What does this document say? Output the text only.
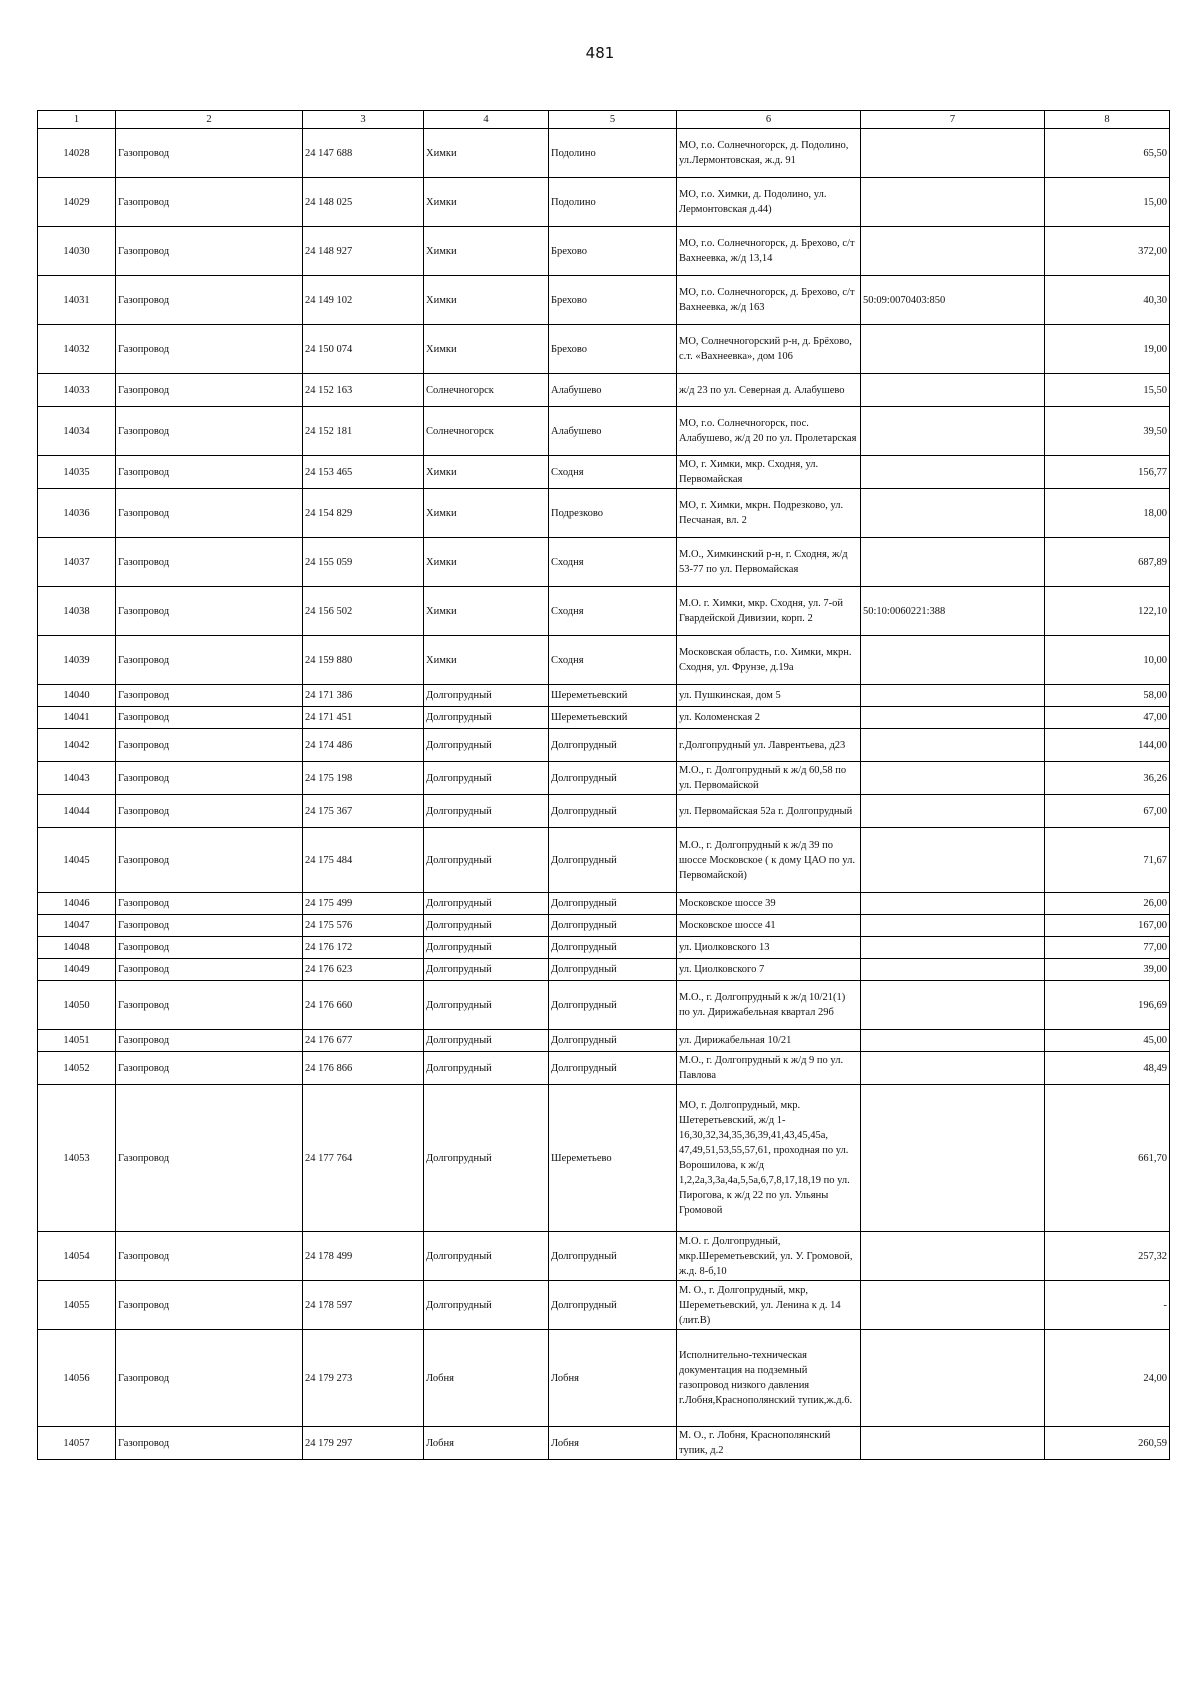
481
1	2	3	4	5	6	7	8
14028	Газопровод	24 147 688	Химки	Подолино	МО, г.о. Солнечногорск, д. Подолино, ул.Лермонтовская, ж.д. 91		65,50
14029	Газопровод	24 148 025	Химки	Подолино	МО, г.о. Химки, д. Подолино, ул. Лермонтовская д.44)		15,00
14030	Газопровод	24 148 927	Химки	Брехово	МО, г.о. Солнечногорск, д. Брехово, с/т Вахнеевка, ж/д 13,14		372,00
14031	Газопровод	24 149 102	Химки	Брехово	МО, г.о. Солнечногорск, д. Брехово, с/т Вахнеевка, ж/д 163	50:09:0070403:850	40,30
14032	Газопровод	24 150 074	Химки	Брехово	МО, Солнечногорский р-н, д. Брёхово, с.т. «Вахнеевка», дом 106		19,00
14033	Газопровод	24 152 163	Солнечногорск	Алабушево	ж/д 23 по ул. Северная д. Алабушево		15,50
14034	Газопровод	24 152 181	Солнечногорск	Алабушево	МО, г.о. Солнечногорск, пос. Алабушево, ж/д 20 по ул. Пролетарская		39,50
14035	Газопровод	24 153 465	Химки	Сходня	МО, г. Химки, мкр. Сходня, ул. Первомайская		156,77
14036	Газопровод	24 154 829	Химки	Подрезково	МО, г. Химки, мкрн. Подрезково, ул. Песчаная, вл. 2		18,00
14037	Газопровод	24 155 059	Химки	Сходня	М.О., Химкинский р-н, г. Сходня, ж/д 53-77 по ул. Первомайская		687,89
14038	Газопровод	24 156 502	Химки	Сходня	М.О. г. Химки, мкр. Сходня, ул. 7-ой Гвардейской Дивизии, корп. 2	50:10:0060221:388	122,10
14039	Газопровод	24 159 880	Химки	Сходня	Московская область, г.о. Химки, мкрн. Сходня, ул. Фрунзе, д.19а		10,00
14040	Газопровод	24 171 386	Долгопрудный	Шереметьевский	ул. Пушкинская, дом 5		58,00
14041	Газопровод	24 171 451	Долгопрудный	Шереметьевский	ул. Коломенская 2		47,00
14042	Газопровод	24 174 486	Долгопрудный	Долгопрудный	г.Долгопрудный ул. Лаврентьева, д23		144,00
14043	Газопровод	24 175 198	Долгопрудный	Долгопрудный	М.О., г. Долгопрудный к ж/д 60,58 по ул. Первомайской		36,26
14044	Газопровод	24 175 367	Долгопрудный	Долгопрудный	ул. Первомайская 52а г. Долгопрудный		67,00
14045	Газопровод	24 175 484	Долгопрудный	Долгопрудный	М.О., г. Долгопрудный к ж/д 39 по шоссе Московское ( к дому ЦАО по ул. Первомайской)		71,67
14046	Газопровод	24 175 499	Долгопрудный	Долгопрудный	Московское шоссе 39		26,00
14047	Газопровод	24 175 576	Долгопрудный	Долгопрудный	Московское шоссе 41		167,00
14048	Газопровод	24 176 172	Долгопрудный	Долгопрудный	ул. Циолковского 13		77,00
14049	Газопровод	24 176 623	Долгопрудный	Долгопрудный	ул. Циолковского 7		39,00
14050	Газопровод	24 176 660	Долгопрудный	Долгопрудный	М.О., г. Долгопрудный к ж/д 10/21(1) по ул. Дирижабельная квартал 29б		196,69
14051	Газопровод	24 176 677	Долгопрудный	Долгопрудный	ул. Дирижабельная 10/21		45,00
14052	Газопровод	24 176 866	Долгопрудный	Долгопрудный	М.О., г. Долгопрудный к ж/д 9 по ул. Павлова		48,49
14053	Газопровод	24 177 764	Долгопрудный	Шереметьево	МО, г. Долгопрудный, мкр. Шетеретьевский, ж/д 1-16,30,32,34,35,36,39,41,43,45,45а, 47,49,51,53,55,57,61, проходная по ул. Ворошилова, к ж/д 1,2,2а,3,3а,4а,5,5а,6,7,8,17,18,19 по ул. Пирогова, к ж/д 22 по ул. Ульяны Громовой		661,70
14054	Газопровод	24 178 499	Долгопрудный	Долгопрудный	М.О. г. Долгопрудный, мкр.Шереметьевский, ул. У. Громовой, ж.д. 8-б,10		257,32
14055	Газопровод	24 178 597	Долгопрудный	Долгопрудный	М. О., г. Долгопрудный, мкр, Шереметьевский, ул. Ленина к д. 14 (лит.В)		-
14056	Газопровод	24 179 273	Лобня	Лобня	Исполнительно-техническая документация на подземный газопровод низкого давления г.Лобня,Краснополянский тупик,ж.д.6.		24,00
14057	Газопровод	24 179 297	Лобня	Лобня	М. О., г. Лобня, Краснополянский тупик, д.2		260,59
